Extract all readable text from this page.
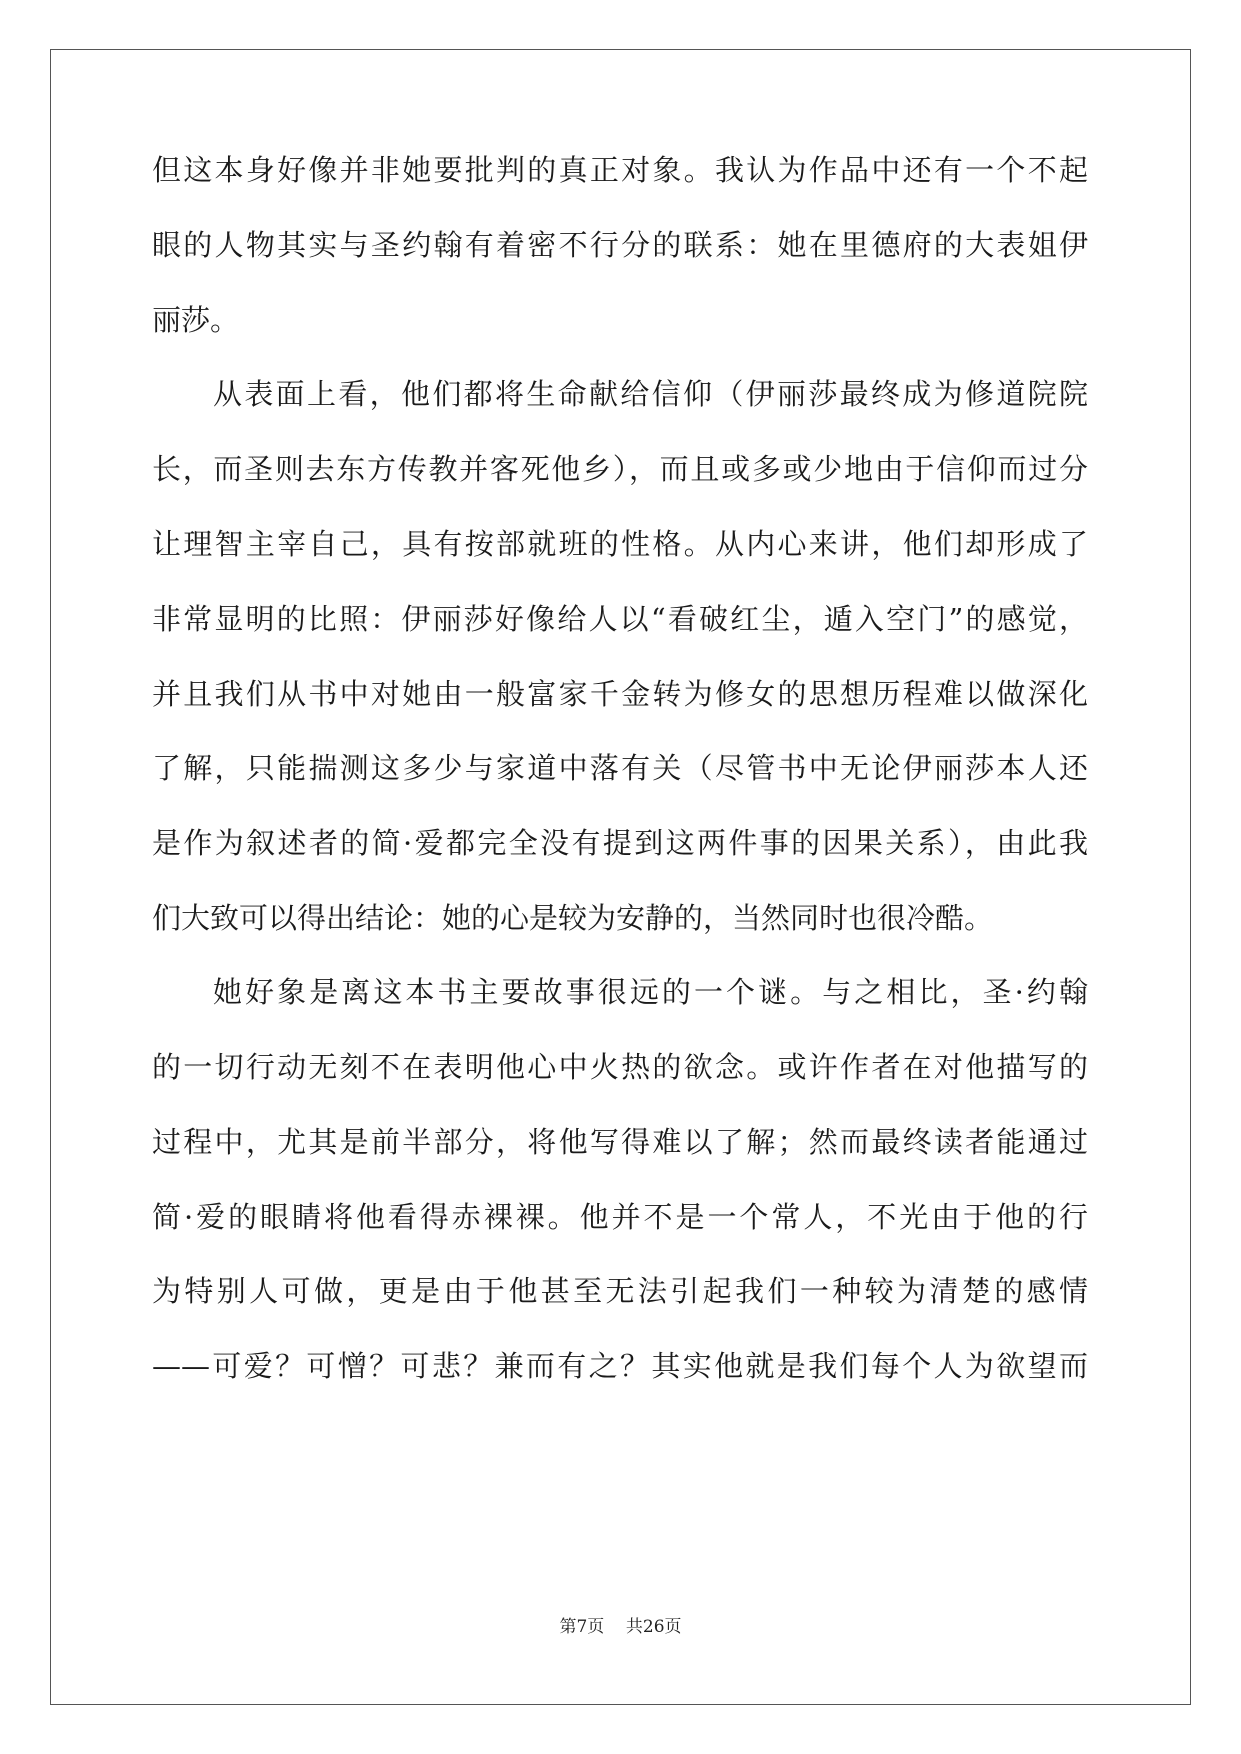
但这本身好像并非她要批判的真正对象。我认为作品中还有一个不起
眼的人物其实与圣约翰有着密不行分的联系：她在里德府的大表姐伊
丽莎。
从表面上看，他们都将生命献给信仰（伊丽莎最终成为修道院院
长，而圣则去东方传教并客死他乡），而且或多或少地由于信仰而过分
让理智主宰自己，具有按部就班的性格。从内心来讲，他们却形成了
非常显明的比照：伊丽莎好像给人以“看破红尘，遁入空门”的感觉，
并且我们从书中对她由一般富家千金转为修女的思想历程难以做深化
了解，只能揣测这多少与家道中落有关（尽管书中无论伊丽莎本人还
是作为叙述者的简·爱都完全没有提到这两件事的因果关系），由此我
们大致可以得出结论：她的心是较为安静的，当然同时也很冷酷。
她好象是离这本书主要故事很远的一个谜。与之相比，圣·约翰
的一切行动无刻不在表明他心中火热的欲念。或许作者在对他描写的
过程中，尤其是前半部分，将他写得难以了解；然而最终读者能通过
简·爱的眼睛将他看得赤裸裸。他并不是一个常人，不光由于他的行
为特别人可做，更是由于他甚至无法引起我们一种较为清楚的感情
——可爱？可憎？可悲？兼而有之？其实他就是我们每个人为欲望而
第7页    共26页
